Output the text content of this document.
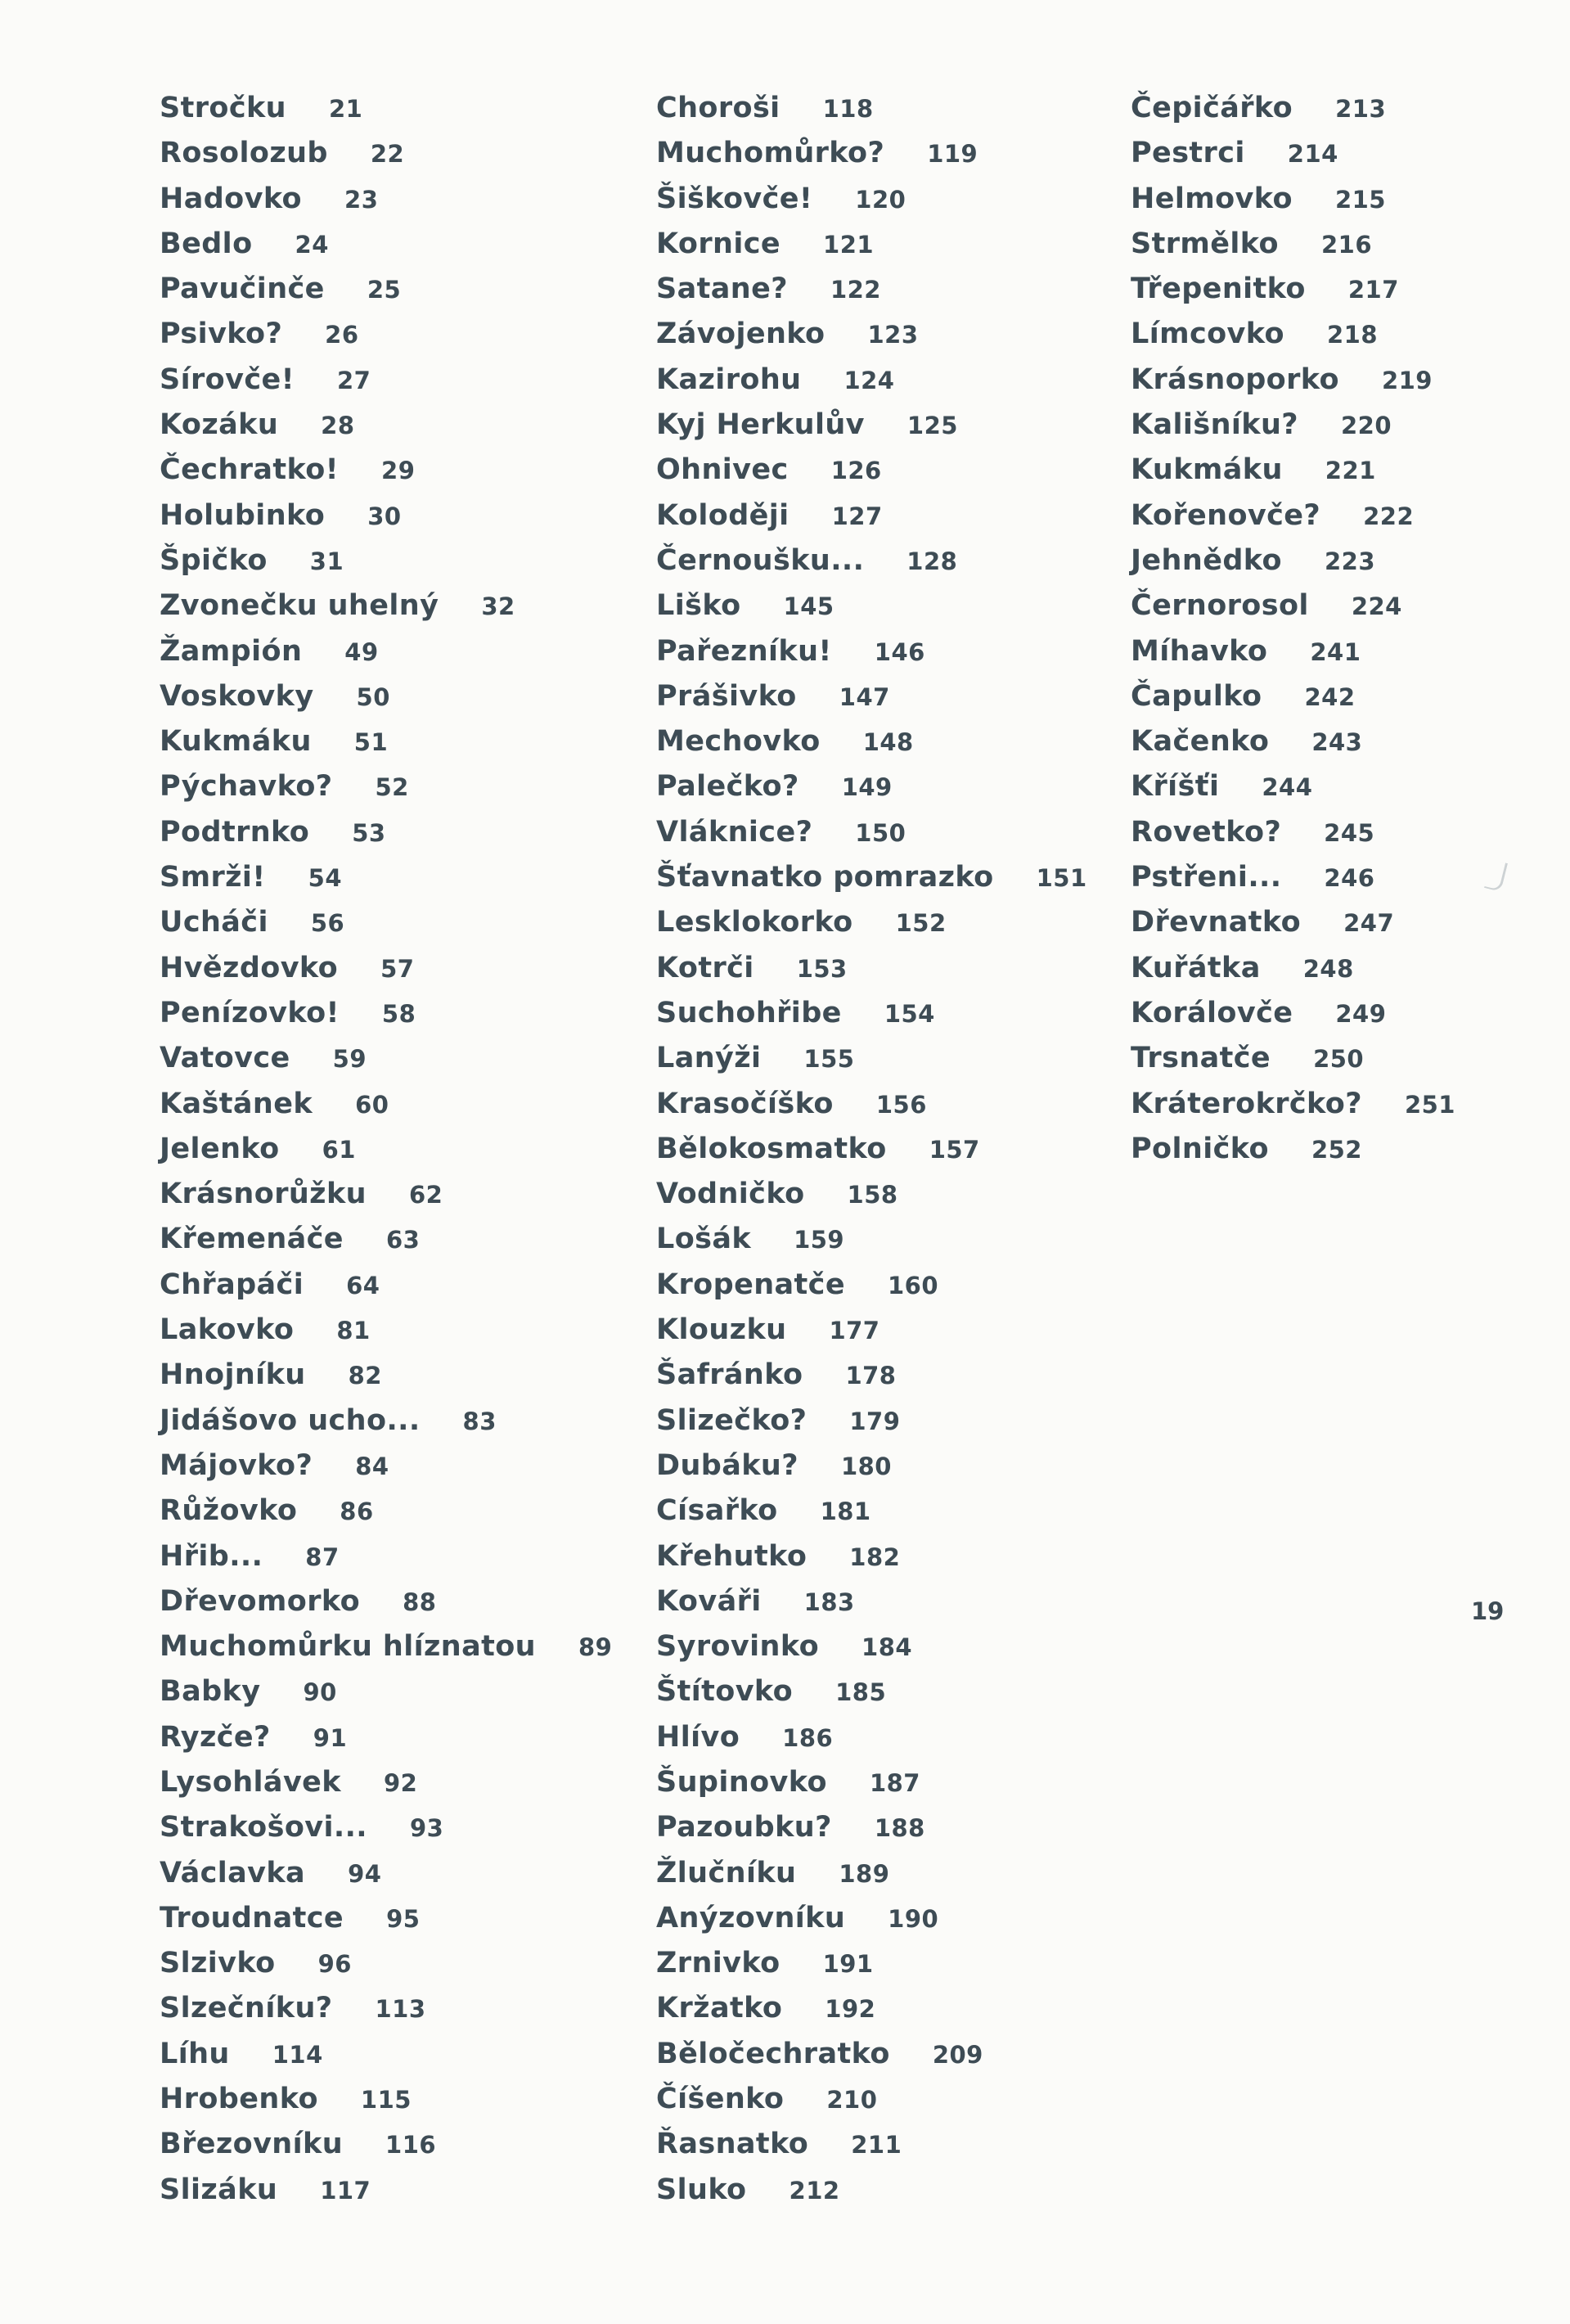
Stročku 21
Rosolozub 22
Hadovko 23
Bedlo 24
Pavučinče 25
Psivko? 26
Sírovče! 27
Kozáku 28
Čechratko! 29
Holubinko 30
Špičko 31
Zvonečku uhelný 32
Žampión 49
Voskovky 50
Kukmáku 51
Pýchavko? 52
Podtrnko 53
Smrži! 54
Ucháči 56
Hvězdovko 57
Penízovko! 58
Vatovce 59
Kaštánek 60
Jelenko 61
Krásnorůžku 62
Křemenáče 63
Chřapáči 64
Lakovko 81
Hnojníku 82
Jidášovo ucho... 83
Májovko? 84
Růžovko 86
Hřib... 87
Dřevomorko 88
Muchomůrku hlíznatou 89
Babky 90
Ryzče? 91
Lysohlávek 92
Strakošovi... 93
Václavka 94
Troudnatce 95
Slzivko 96
Slzečníku? 113
Líhu 114
Hrobenko 115
Březovníku 116
Slizáku 117
Choroši 118
Muchomůrko? 119
Šiškovče! 120
Kornice 121
Satane? 122
Závojenko 123
Kazirohu 124
Kyj Herkulův 125
Ohnivec 126
Koloději 127
Černoušku... 128
Liško 145
Pařezníku! 146
Prášivko 147
Mechovko 148
Palečko? 149
Vláknice? 150
Šťavnatko pomrazko 151
Lesklokorko 152
Kotrči 153
Suchohřibe 154
Lanýži 155
Krasočíško 156
Bělokosmatko 157
Vodničko 158
Lošák 159
Kropenatče 160
Klouzku 177
Šafránko 178
Slizečko? 179
Dubáku? 180
Císařko 181
Křehutko 182
Kováři 183
Syrovinko 184
Štítovko 185
Hlívo 186
Šupinovko 187
Pazoubku? 188
Žlučníku 189
Anýzovníku 190
Zrnivko 191
Kržatko 192
Běločechratko 209
Číšenko 210
Řasnatko 211
Sluko 212
Čepičářko 213
Pestrci 214
Helmovko 215
Strmělko 216
Třepenitko 217
Límcovko 218
Krásnoporko 219
Kališníku? 220
Kukmáku 221
Kořenovče? 222
Jehnědko 223
Černorosol 224
Míhavko 241
Čapulko 242
Kačenko 243
Kříšťi 244
Rovetko? 245
Pstřeni... 246
Dřevnatko 247
Kuřátka 248
Korálovče 249
Trsnatče 250
Kráterokrčko? 251
Polničko 252
19
